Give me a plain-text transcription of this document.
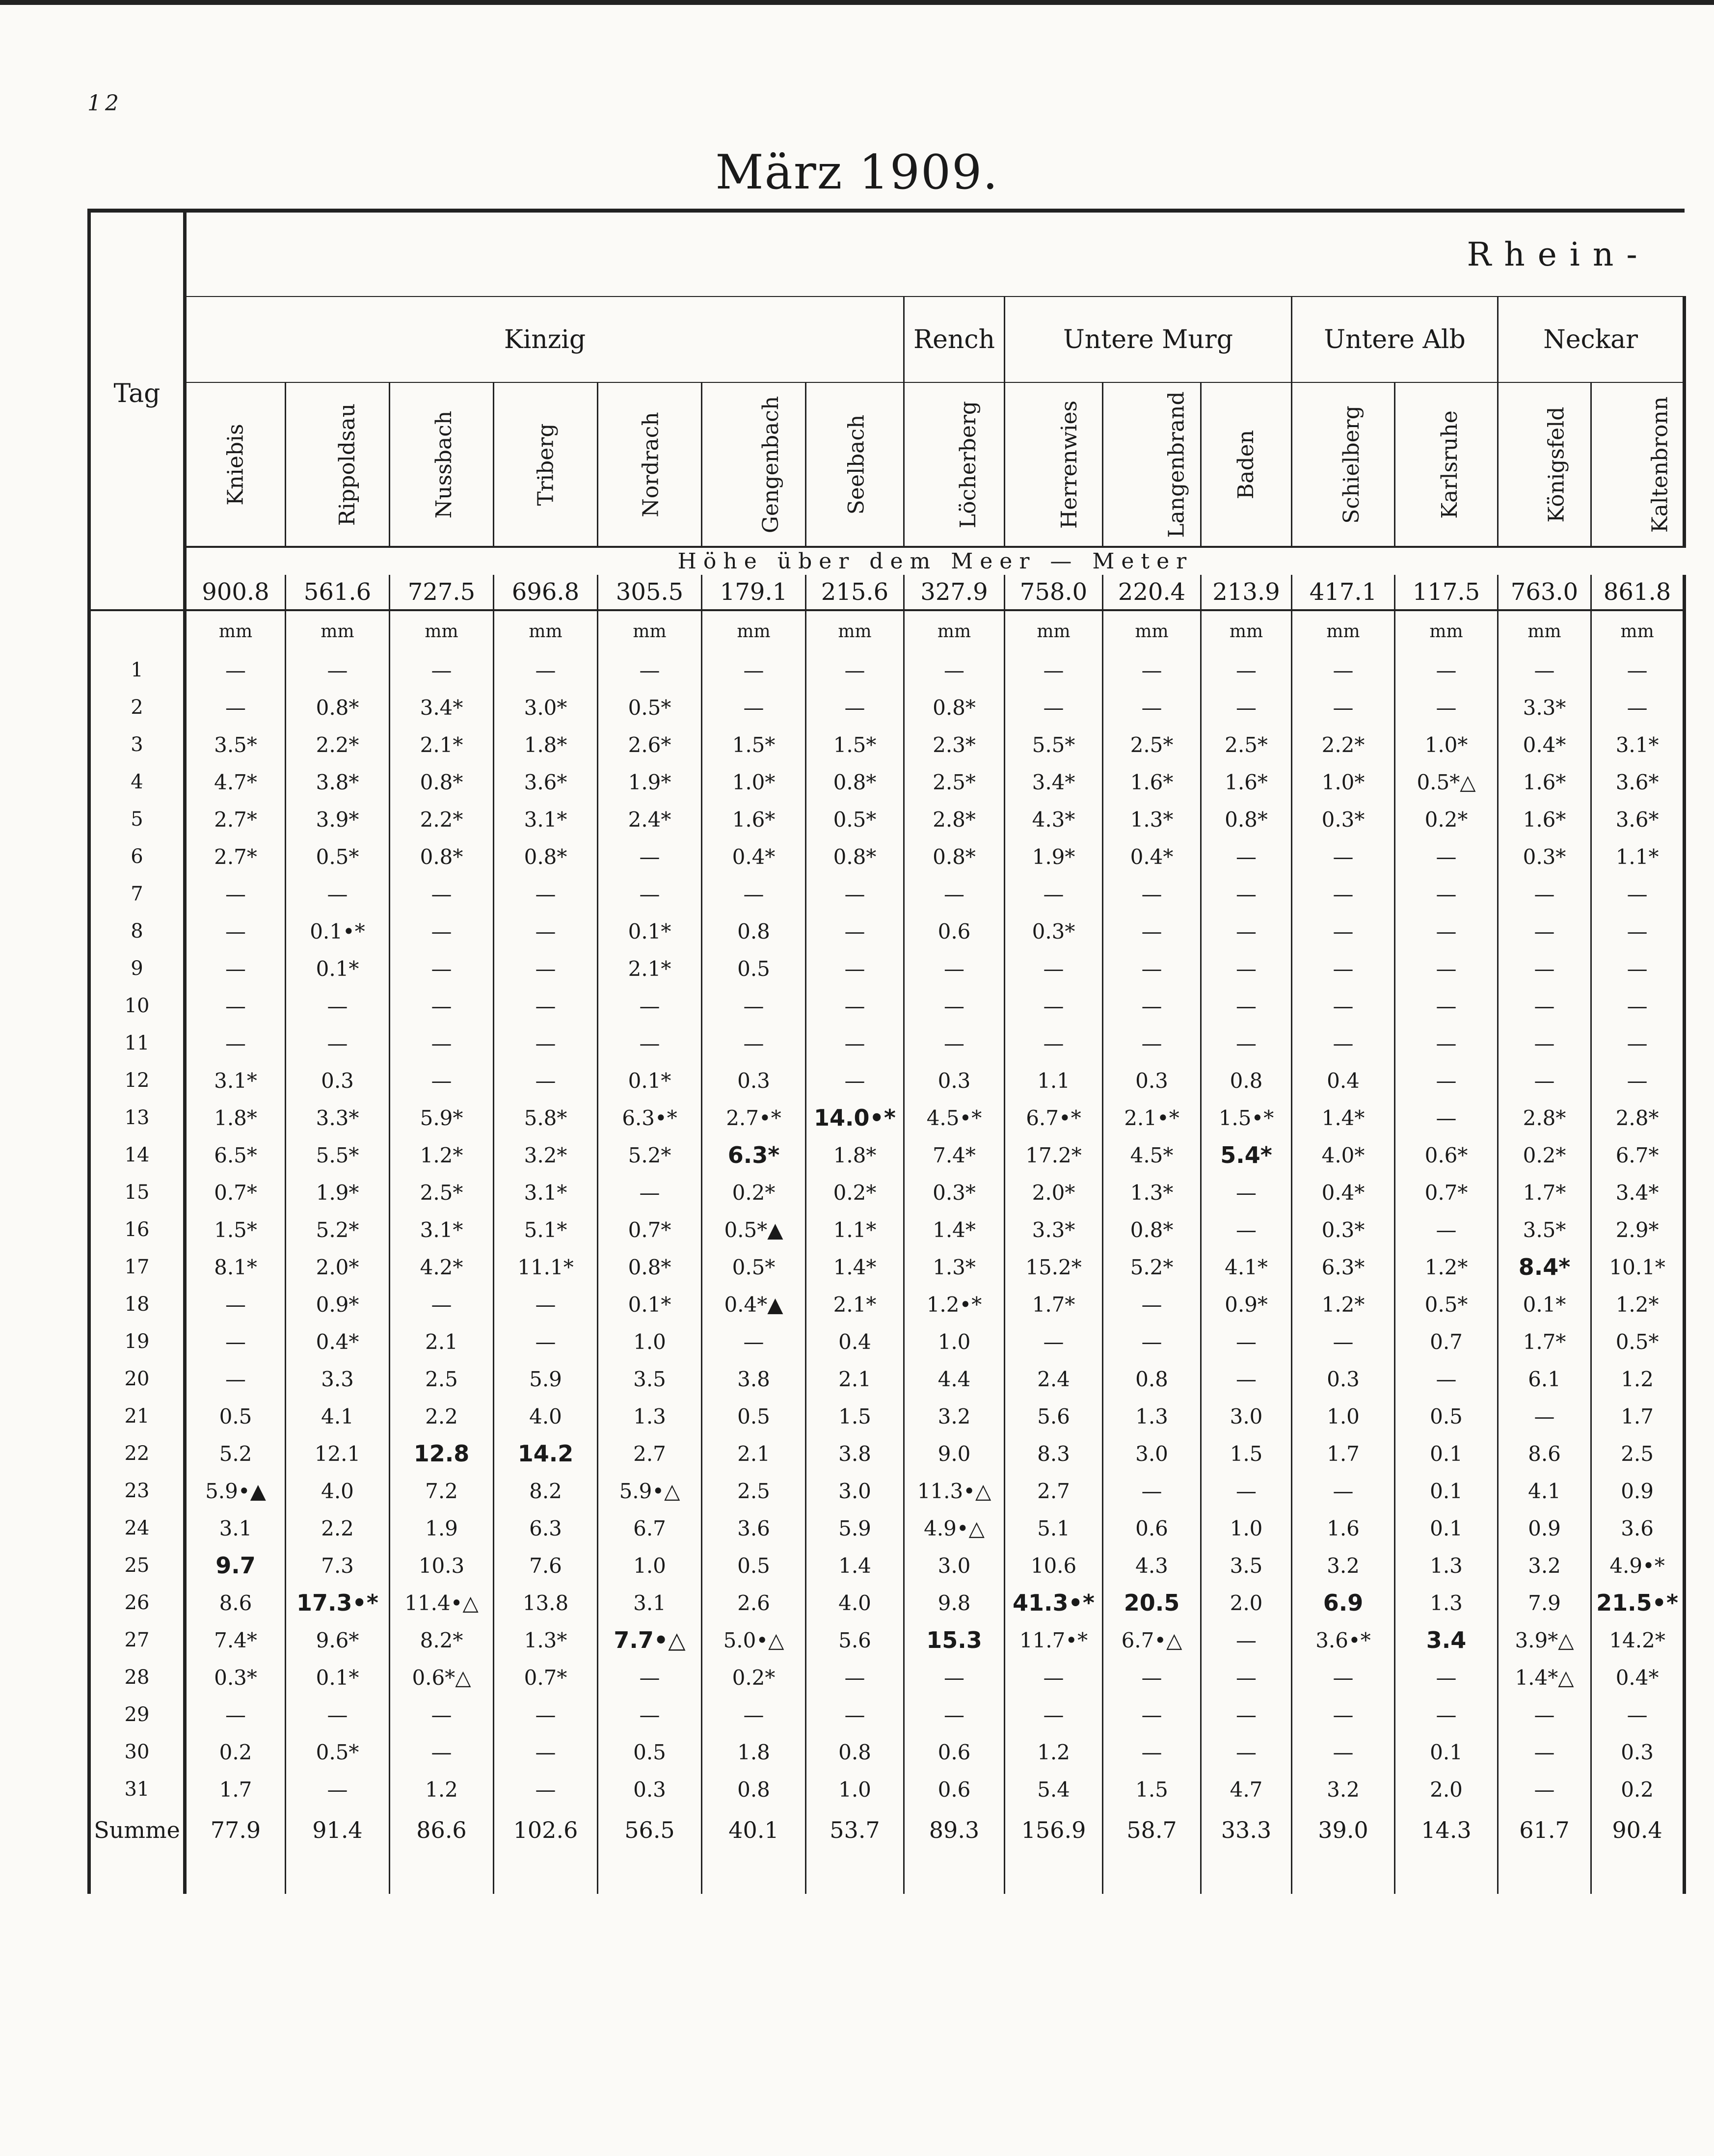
12
März 1909.
Tag	Rhein-														
	Kinzig							Rench	Untere Murg			Untere Alb		Neckar	
	Kniebis	Rippoldsau	Nussbach	Triberg	Nordrach	Gengenbach	Seelbach	Löcherberg	Herrenwies	Langenbrand	Baden	Schielberg	Karlsruhe	Königsfeld	Kaltenbronn
	Höhe über dem Meer — Meter														
	900.8	561.6	727.5	696.8	305.5	179.1	215.6	327.9	758.0	220.4	213.9	417.1	117.5	763.0	861.8
	mm	mm	mm	mm	mm	mm	mm	mm	mm	mm	mm	mm	mm	mm	mm
1	—	—	—	—	—	—	—	—	—	—	—	—	—	—	—
2	—	0.8*	3.4*	3.0*	0.5*	—	—	0.8*	—	—	—	—	—	3.3*	—
3	3.5*	2.2*	2.1*	1.8*	2.6*	1.5*	1.5*	2.3*	5.5*	2.5*	2.5*	2.2*	1.0*	0.4*	3.1*
4	4.7*	3.8*	0.8*	3.6*	1.9*	1.0*	0.8*	2.5*	3.4*	1.6*	1.6*	1.0*	0.5*△	1.6*	3.6*
5	2.7*	3.9*	2.2*	3.1*	2.4*	1.6*	0.5*	2.8*	4.3*	1.3*	0.8*	0.3*	0.2*	1.6*	3.6*
6	2.7*	0.5*	0.8*	0.8*	—	0.4*	0.8*	0.8*	1.9*	0.4*	—	—	—	0.3*	1.1*
7	—	—	—	—	—	—	—	—	—	—	—	—	—	—	—
8	—	0.1•*	—	—	0.1*	0.8	—	0.6	0.3*	—	—	—	—	—	—
9	—	0.1*	—	—	2.1*	0.5	—	—	—	—	—	—	—	—	—
10	—	—	—	—	—	—	—	—	—	—	—	—	—	—	—
11	—	—	—	—	—	—	—	—	—	—	—	—	—	—	—
12	3.1*	0.3	—	—	0.1*	0.3	—	0.3	1.1	0.3	0.8	0.4	—	—	—
13	1.8*	3.3*	5.9*	5.8*	6.3•*	2.7•*	14.0•*	4.5•*	6.7•*	2.1•*	1.5•*	1.4*	—	2.8*	2.8*
14	6.5*	5.5*	1.2*	3.2*	5.2*	6.3*	1.8*	7.4*	17.2*	4.5*	5.4*	4.0*	0.6*	0.2*	6.7*
15	0.7*	1.9*	2.5*	3.1*	—	0.2*	0.2*	0.3*	2.0*	1.3*	—	0.4*	0.7*	1.7*	3.4*
16	1.5*	5.2*	3.1*	5.1*	0.7*	0.5*▲	1.1*	1.4*	3.3*	0.8*	—	0.3*	—	3.5*	2.9*
17	8.1*	2.0*	4.2*	11.1*	0.8*	0.5*	1.4*	1.3*	15.2*	5.2*	4.1*	6.3*	1.2*	8.4*	10.1*
18	—	0.9*	—	—	0.1*	0.4*▲	2.1*	1.2•*	1.7*	—	0.9*	1.2*	0.5*	0.1*	1.2*
19	—	0.4*	2.1	—	1.0	—	0.4	1.0	—	—	—	—	0.7	1.7*	0.5*
20	—	3.3	2.5	5.9	3.5	3.8	2.1	4.4	2.4	0.8	—	0.3	—	6.1	1.2
21	0.5	4.1	2.2	4.0	1.3	0.5	1.5	3.2	5.6	1.3	3.0	1.0	0.5	—	1.7
22	5.2	12.1	12.8	14.2	2.7	2.1	3.8	9.0	8.3	3.0	1.5	1.7	0.1	8.6	2.5
23	5.9•▲	4.0	7.2	8.2	5.9•△	2.5	3.0	11.3•△	2.7	—	—	—	0.1	4.1	0.9
24	3.1	2.2	1.9	6.3	6.7	3.6	5.9	4.9•△	5.1	0.6	1.0	1.6	0.1	0.9	3.6
25	9.7	7.3	10.3	7.6	1.0	0.5	1.4	3.0	10.6	4.3	3.5	3.2	1.3	3.2	4.9•*
26	8.6	17.3•*	11.4•△	13.8	3.1	2.6	4.0	9.8	41.3•*	20.5	2.0	6.9	1.3	7.9	21.5•*
27	7.4*	9.6*	8.2*	1.3*	7.7•△	5.0•△	5.6	15.3	11.7•*	6.7•△	—	3.6•*	3.4	3.9*△	14.2*
28	0.3*	0.1*	0.6*△	0.7*	—	0.2*	—	—	—	—	—	—	—	1.4*△	0.4*
29	—	—	—	—	—	—	—	—	—	—	—	—	—	—	—
30	0.2	0.5*	—	—	0.5	1.8	0.8	0.6	1.2	—	—	—	0.1	—	0.3
31	1.7	—	1.2	—	0.3	0.8	1.0	0.6	5.4	1.5	4.7	3.2	2.0	—	0.2
Summe	77.9	91.4	86.6	102.6	56.5	40.1	53.7	89.3	156.9	58.7	33.3	39.0	14.3	61.7	90.4
